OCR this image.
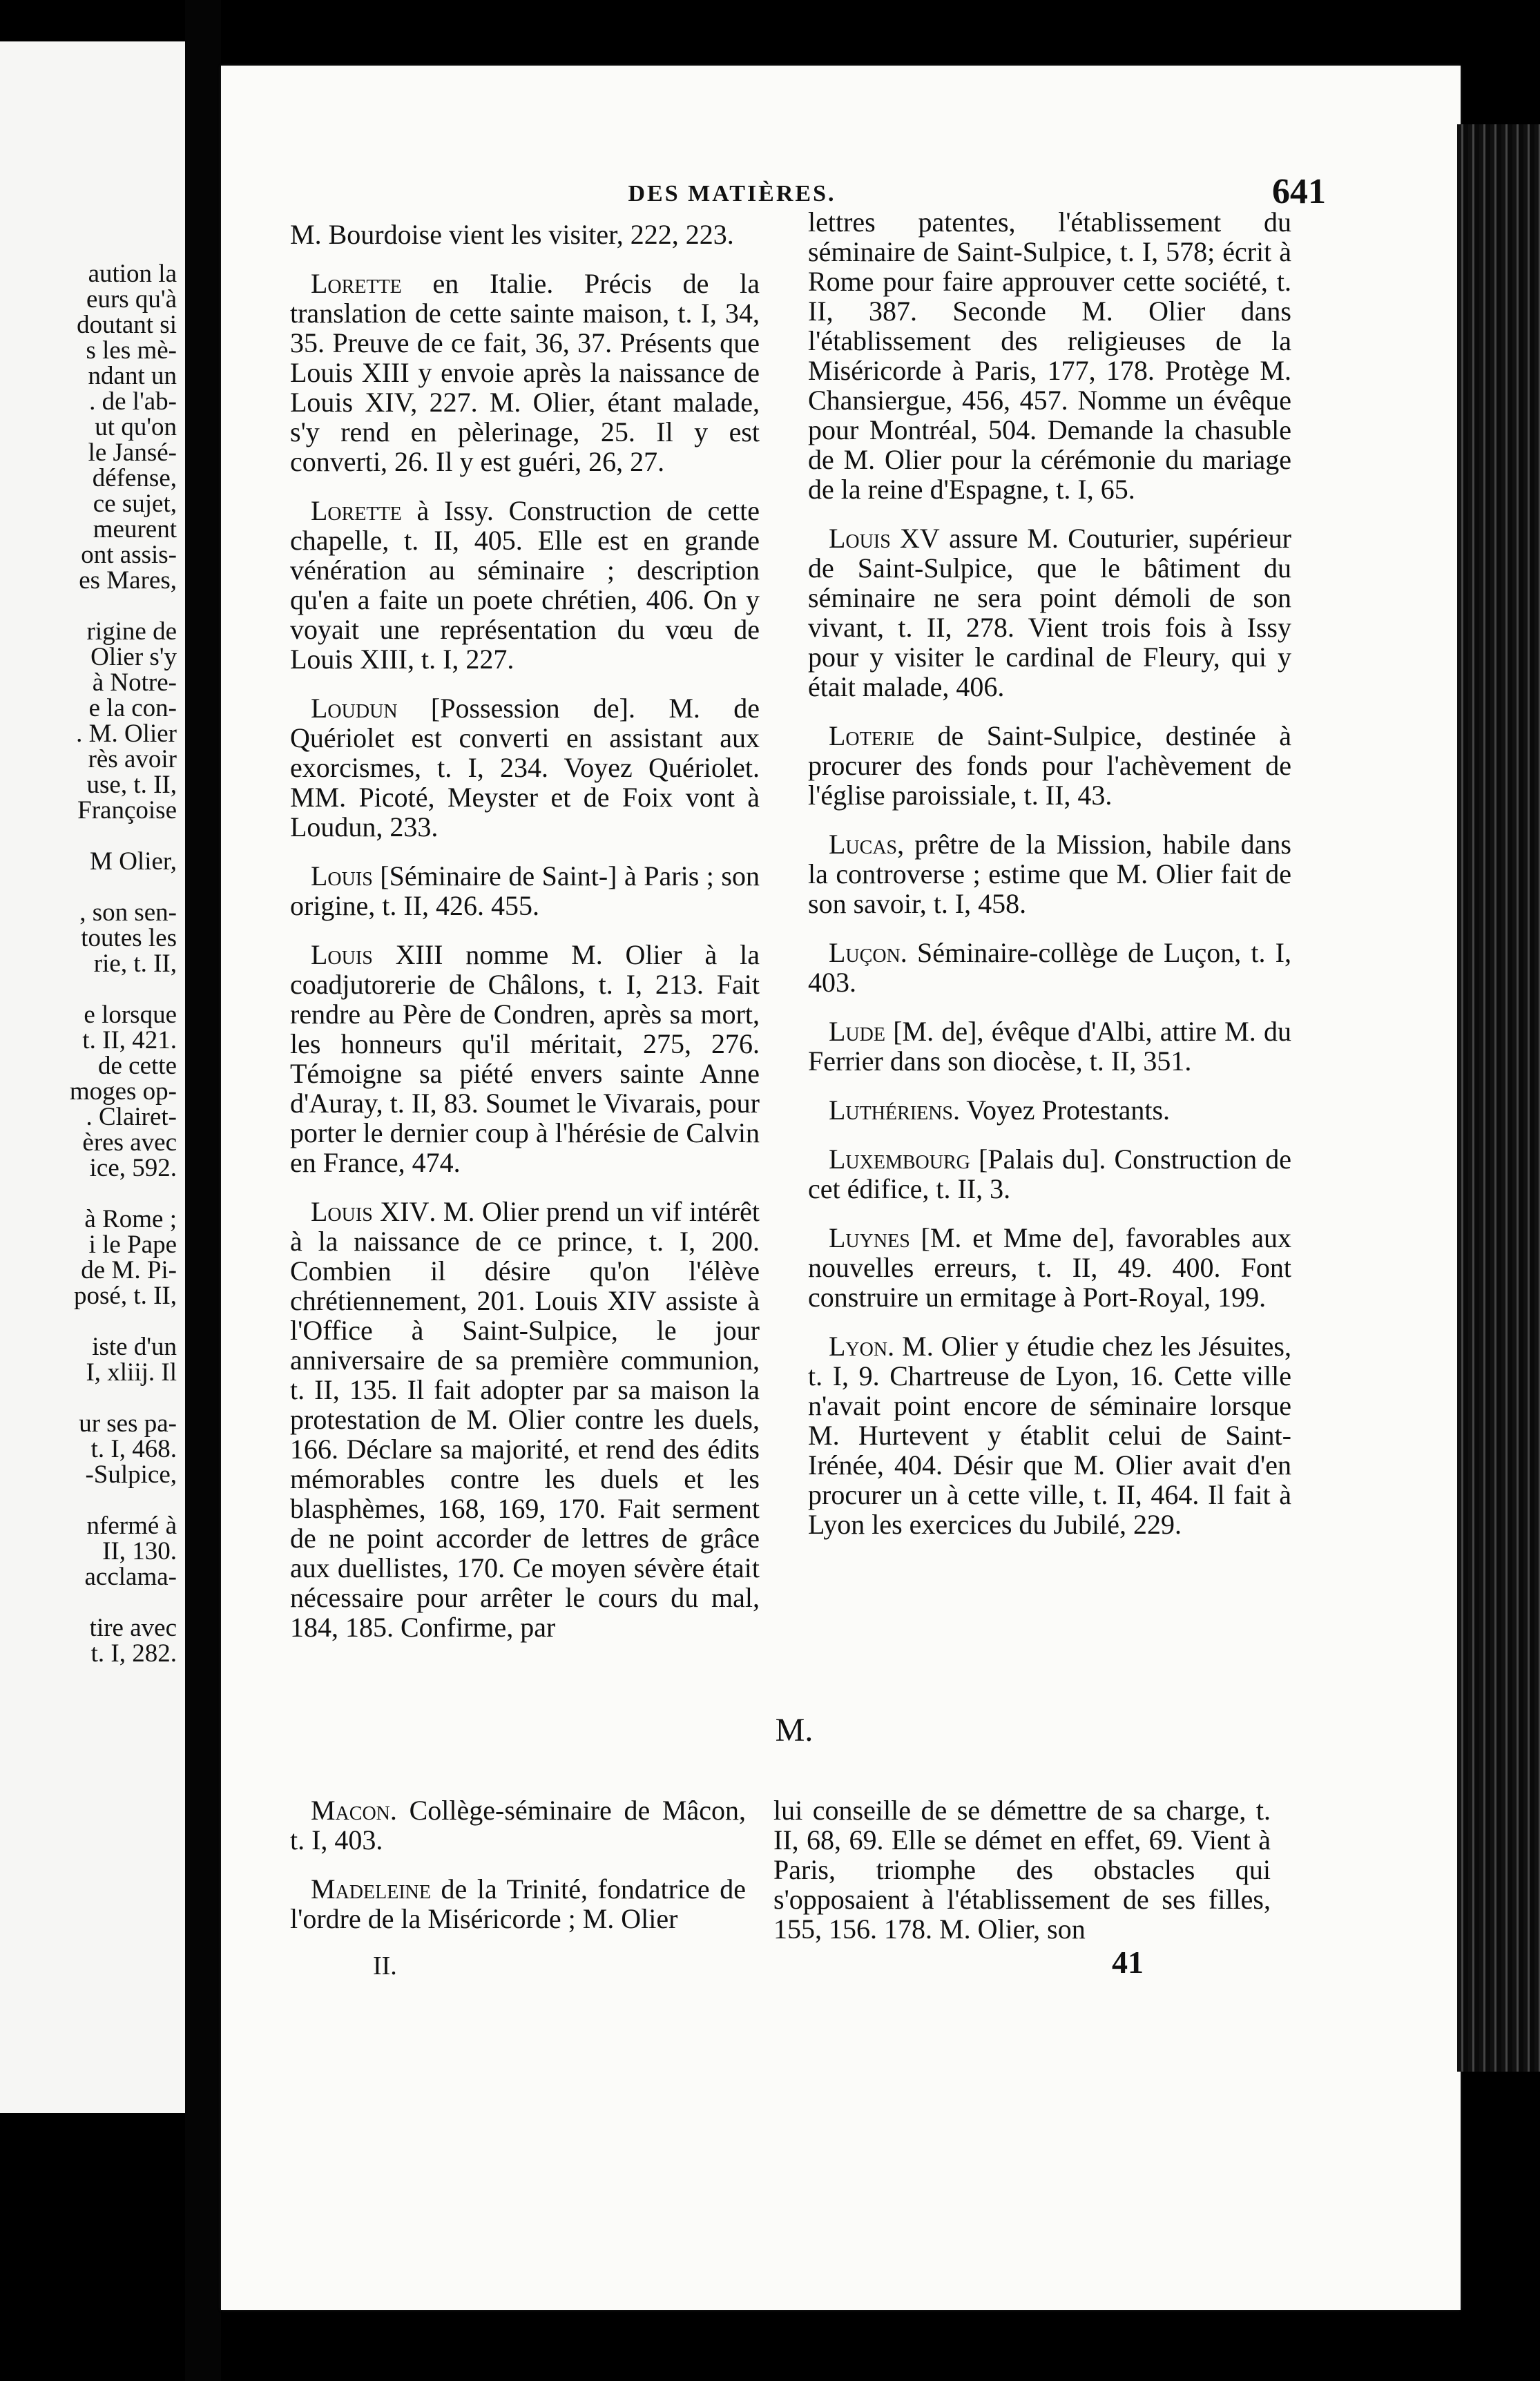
aution la
eurs qu'à
doutant si
s les mè-
ndant un
. de l'ab-
ut qu'on
le Jansé-
défense,
ce sujet,
meurent
ont assis-
es Mares,
rigine de
Olier s'y
à Notre-
e la con-
. M. Olier
rès avoir
use, t. II,
Françoise
M Olier,
, son sen-
toutes les
rie, t. II,
e lorsque
t. II, 421.
de cette
moges op-
. Clairet-
ères avec
ice, 592.
à Rome ;
i le Pape
de M. Pi-
posé, t. II,
iste d'un
I, xliij. Il
ur ses pa-
t. I, 468.
-Sulpice,
nfermé à
II, 130.
acclama-
tire avec
t. I, 282.
DES MATIÈRES.	641

M. Bourdoise vient les visiter, 222, 223.

Lorette en Italie. Précis de la translation de cette sainte maison, t. I, 34, 35. Preuve de ce fait, 36, 37. Présents que Louis XIII y envoie après la naissance de Louis XIV, 227. M. Olier, étant malade, s'y rend en pèlerinage, 25. Il y est converti, 26. Il y est guéri, 26, 27.

Lorette à Issy. Construction de cette chapelle, t. II, 405. Elle est en grande vénération au séminaire ; description qu'en a faite un poete chrétien, 406. On y voyait une représentation du vœu de Louis XIII, t. I, 227.

Loudun [Possession de]. M. de Quériolet est converti en assistant aux exorcismes, t. I, 234. Voyez Quériolet. MM. Picoté, Meyster et de Foix vont à Loudun, 233.

Louis [Séminaire de Saint-] à Paris ; son origine, t. II, 426. 455.

Louis XIII nomme M. Olier à la coadjutorerie de Châlons, t. I, 213. Fait rendre au Père de Condren, après sa mort, les honneurs qu'il méritait, 275, 276. Témoigne sa piété envers sainte Anne d'Auray, t. II, 83. Soumet le Vivarais, pour porter le dernier coup à l'hérésie de Calvin en France, 474.

Louis XIV. M. Olier prend un vif intérêt à la naissance de ce prince, t. I, 200. Combien il désire qu'on l'élève chrétiennement, 201. Louis XIV assiste à l'Office à Saint-Sulpice, le jour anniversaire de sa première communion, t. II, 135. Il fait adopter par sa maison la protestation de M. Olier contre les duels, 166. Déclare sa majorité, et rend des édits mémorables contre les duels et les blasphèmes, 168, 169, 170. Fait serment de ne point accorder de lettres de grâce aux duellistes, 170. Ce moyen sévère était nécessaire pour arrêter le cours du mal, 184, 185. Confirme, par

lettres patentes, l'établissement du séminaire de Saint-Sulpice, t. I, 578; écrit à Rome pour faire approuver cette société, t. II, 387. Seconde M. Olier dans l'établissement des religieuses de la Miséricorde à Paris, 177, 178. Protège M. Chansiergue, 456, 457. Nomme un évêque pour Montréal, 504. Demande la chasuble de M. Olier pour la cérémonie du mariage de la reine d'Espagne, t. I, 65.

Louis XV assure M. Couturier, supérieur de Saint-Sulpice, que le bâtiment du séminaire ne sera point démoli de son vivant, t. II, 278. Vient trois fois à Issy pour y visiter le cardinal de Fleury, qui y était malade, 406.

Loterie de Saint-Sulpice, destinée à procurer des fonds pour l'achèvement de l'église paroissiale, t. II, 43.

Lucas, prêtre de la Mission, habile dans la controverse ; estime que M. Olier fait de son savoir, t. I, 458.

Luçon. Séminaire-collège de Luçon, t. I, 403.

Lude [M. de], évêque d'Albi, attire M. du Ferrier dans son diocèse, t. II, 351.

Luthériens. Voyez Protestants.

Luxembourg [Palais du]. Construction de cet édifice, t. II, 3.

Luynes [M. et Mme de], favorables aux nouvelles erreurs, t. II, 49. 400. Font construire un ermitage à Port-Royal, 199.

Lyon. M. Olier y étudie chez les Jésuites, t. I, 9. Chartreuse de Lyon, 16. Cette ville n'avait point encore de séminaire lorsque M. Hurtevent y établit celui de Saint-Irénée, 404. Désir que M. Olier avait d'en procurer un à cette ville, t. II, 464. Il fait à Lyon les exercices du Jubilé, 229.

M.

Macon. Collège-séminaire de Mâcon, t. I, 403.

Madeleine de la Trinité, fondatrice de l'ordre de la Miséricorde ; M. Olier

lui conseille de se démettre de sa charge, t. II, 68, 69. Elle se démet en effet, 69. Vient à Paris, triomphe des obstacles qui s'opposaient à l'établissement de ses filles, 155, 156. 178. M. Olier, son

II.	41
